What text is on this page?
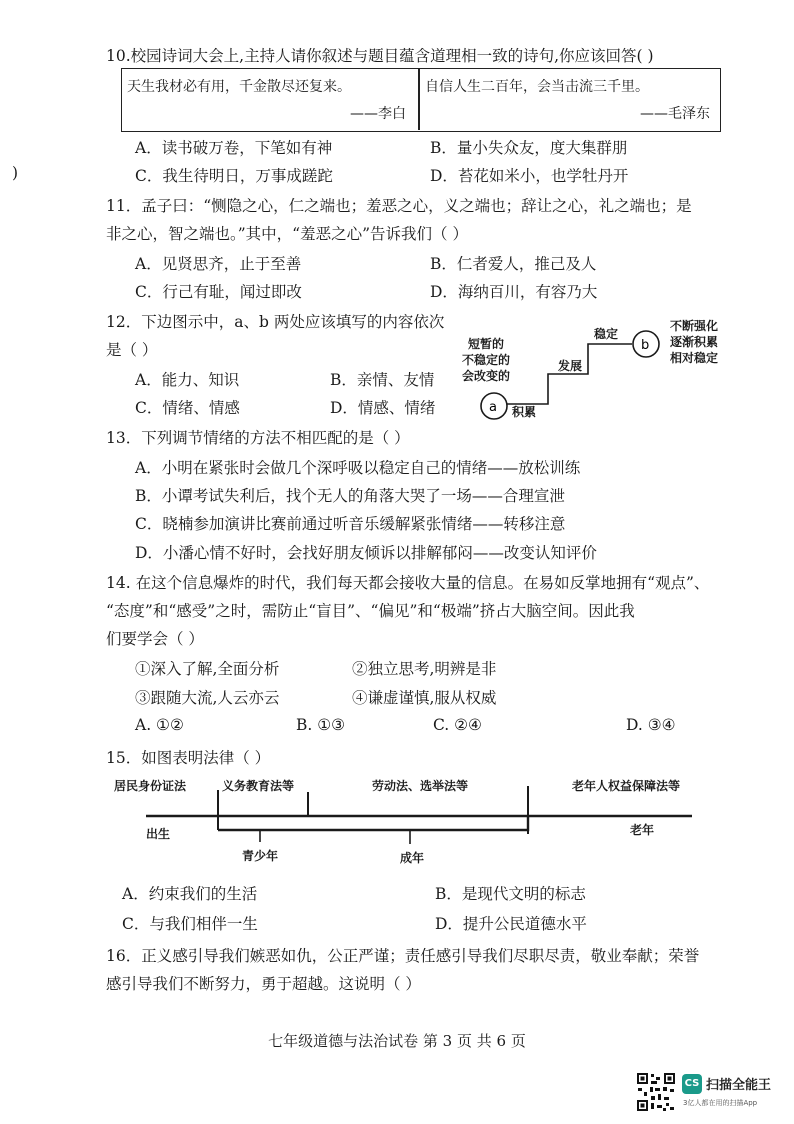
)
10.校园诗词大会上,主持人请你叙述与题目蕴含道理相一致的诗句,你应该回答( )
天生我材必有用，千金散尽还复来。
——李白
自信人生二百年，会当击流三千里。
——毛泽东
A．读书破万卷，下笔如有神	B．量小失众友，度大集群朋
C．我生待明日，万事成蹉跎	D．苔花如米小，也学牡丹开
11．孟子曰：“恻隐之心，仁之端也；羞恶之心，义之端也；辞让之心，礼之端也；是
非之心，智之端也。”其中，“羞恶之心”告诉我们（ ）
A．见贤思齐，止于至善	B．仁者爱人，推己及人
C．行己有耻，闻过即改	D．海纳百川，有容乃大
12．下边图示中，a、b 两处应该填写的内容依次
是（ ）
A．能力、知识	B．亲情、友情
C．情绪、情感	D．情感、情绪
短暂的
不稳定的
会改变的
积累
发展
稳定
不断强化
逐渐积累
相对稳定
a
b
13．下列调节情绪的方法不相匹配的是（ ）
A．小明在紧张时会做几个深呼吸以稳定自己的情绪——放松训练
B．小谭考试失利后，找个无人的角落大哭了一场——合理宣泄
C．晓楠参加演讲比赛前通过听音乐缓解紧张情绪——转移注意
D．小潘心情不好时，会找好朋友倾诉以排解郁闷——改变认知评价
14. 在这个信息爆炸的时代，我们每天都会接收大量的信息。在易如反掌地拥有“观点”、
“态度”和“感受”之时，需防止“盲目”、“偏见”和“极端”挤占大脑空间。因此我
们要学会（ ）
①深入了解,全面分析	②独立思考,明辨是非
③跟随大流,人云亦云	④谦虚谨慎,服从权威
A. ①②	B. ①③	C. ②④	D. ③④
15．如图表明法律（ ）
居民身份证法	义务教育法等	劳动法、选举法等	老年人权益保障法等
出生	老年
青少年	成年
A．约束我们的生活	B．是现代文明的标志
C．与我们相伴一生	D．提升公民道德水平
16．正义感引导我们嫉恶如仇，公正严谨；责任感引导我们尽职尽责，敬业奉献；荣誉
感引导我们不断努力，勇于超越。这说明（ ）
七年级道德与法治试卷 第 3 页 共 6 页
CS 扫描全能王
3亿人都在用的扫描App
